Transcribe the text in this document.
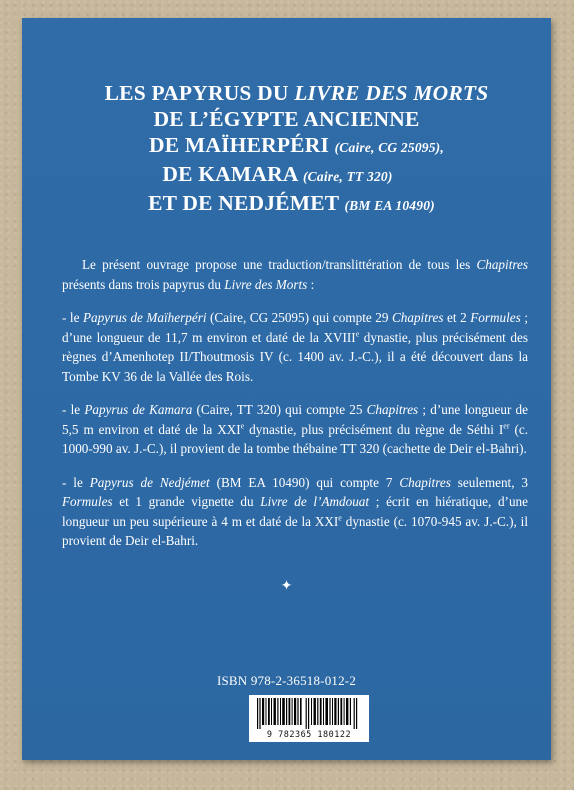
LES PAPYRUS DU LIVRE DES MORTS
DE L’ÉGYPTE ANCIENNE
DE MAÏHERPÉRI (Caire, CG 25095),
DE KAMARA (Caire, TT 320)
ET DE NEDJÉMET (BM EA 10490)

Le présent ouvrage propose une traduction/translittération de tous les Chapitres présents dans trois papyrus du Livre des Morts :

- le Papyrus de Maïherpéri (Caire, CG 25095) qui compte 29 Chapitres et 2 Formules ; d’une longueur de 11,7 m environ et daté de la XVIIIe dynastie, plus précisément des règnes d’Amenhotep II/Thoutmosis IV (c. 1400 av. J.-C.), il a été découvert dans la Tombe KV 36 de la Vallée des Rois.

- le Papyrus de Kamara (Caire, TT 320) qui compte 25 Chapitres ; d’une longueur de 5,5 m environ et daté de la XXIe dynastie, plus précisément du règne de Séthi Ier (c. 1000-990 av. J.-C.), il provient de la tombe thébaine TT 320 (cachette de Deir el-Bahri).

- le Papyrus de Nedjémet (BM EA 10490) qui compte 7 Chapitres seulement, 3 Formules et 1 grande vignette du Livre de l’Amdouat ; écrit en hiératique, d’une longueur un peu supérieure à 4 m et daté de la XXIe dynastie (c. 1070-945 av. J.-C.), il provient de Deir el-Bahri.

✦
ISBN 978-2-36518-012-2
9 782365 180122
